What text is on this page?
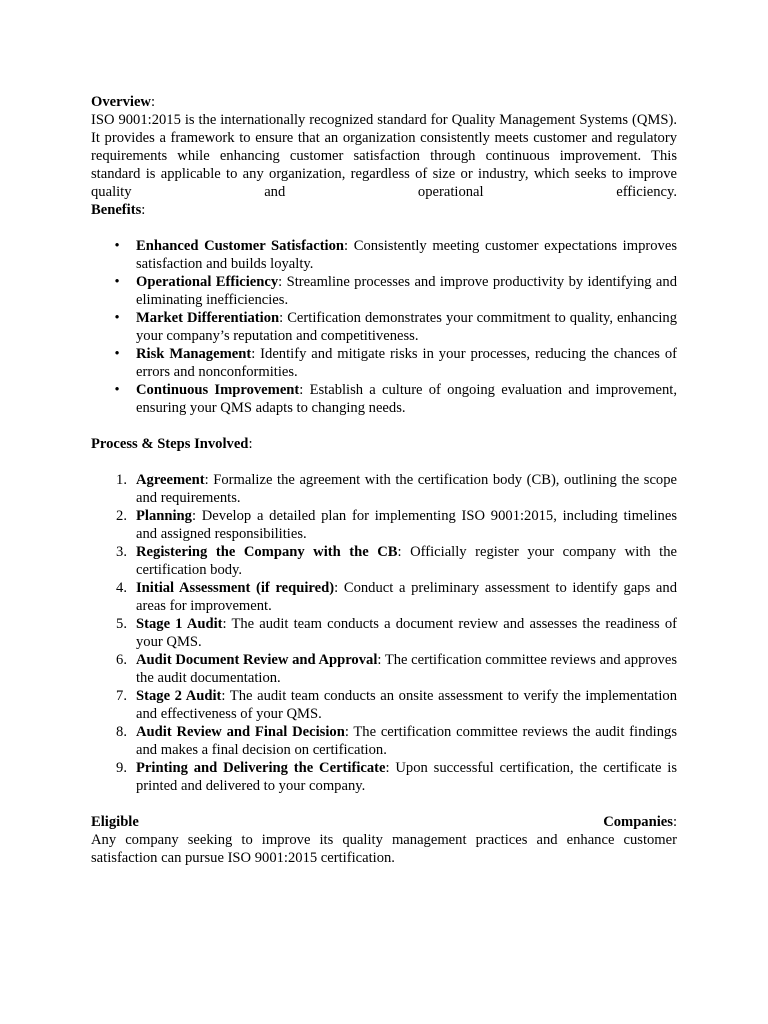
Overview:

ISO 9001:2015 is the internationally recognized standard for Quality Management Systems (QMS). It provides a framework to ensure that an organization consistently meets customer and regulatory requirements while enhancing customer satisfaction through continuous improvement. This standard is applicable to any organization, regardless of size or industry, which seeks to improve quality and operational efficiency.

Benefits:

• Enhanced Customer Satisfaction: Consistently meeting customer expectations improves satisfaction and builds loyalty.
• Operational Efficiency: Streamline processes and improve productivity by identifying and eliminating inefficiencies.
• Market Differentiation: Certification demonstrates your commitment to quality, enhancing your company’s reputation and competitiveness.
• Risk Management: Identify and mitigate risks in your processes, reducing the chances of errors and nonconformities.
• Continuous Improvement: Establish a culture of ongoing evaluation and improvement, ensuring your QMS adapts to changing needs.

Process & Steps Involved:

1. Agreement: Formalize the agreement with the certification body (CB), outlining the scope and requirements.
2. Planning: Develop a detailed plan for implementing ISO 9001:2015, including timelines and assigned responsibilities.
3. Registering the Company with the CB: Officially register your company with the certification body.
4. Initial Assessment (if required): Conduct a preliminary assessment to identify gaps and areas for improvement.
5. Stage 1 Audit: The audit team conducts a document review and assesses the readiness of your QMS.
6. Audit Document Review and Approval: The certification committee reviews and approves the audit documentation.
7. Stage 2 Audit: The audit team conducts an onsite assessment to verify the implementation and effectiveness of your QMS.
8. Audit Review and Final Decision: The certification committee reviews the audit findings and makes a final decision on certification.
9. Printing and Delivering the Certificate: Upon successful certification, the certificate is printed and delivered to your company.

Eligible	Companies:

Any company seeking to improve its quality management practices and enhance customer satisfaction can pursue ISO 9001:2015 certification.
